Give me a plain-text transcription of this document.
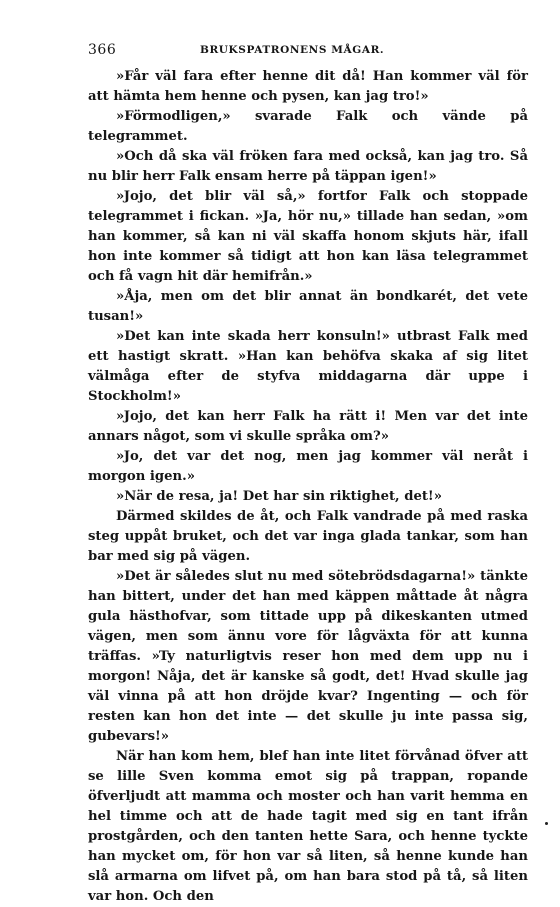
366	BRUKSPATRONENS MÅGAR.

»Får väl fara efter henne dit då! Han kommer väl för att hämta hem henne och pysen, kan jag tro!»

»Förmodligen,» svarade Falk och vände på telegrammet.

»Och då ska väl fröken fara med också, kan jag tro. Så nu blir herr Falk ensam herre på täppan igen!»

»Jojo, det blir väl så,» fortfor Falk och stoppade telegrammet i fickan. »Ja, hör nu,» tillade han sedan, »om han kommer, så kan ni väl skaffa honom skjuts här, ifall hon inte kommer så tidigt att hon kan läsa telegrammet och få vagn hit där hemifrån.»

»Åja, men om det blir annat än bondkarét, det vete tusan!»

»Det kan inte skada herr konsuln!» utbrast Falk med ett hastigt skratt. »Han kan behöfva skaka af sig litet välmåga efter de styfva middagarna där uppe i Stockholm!»

»Jojo, det kan herr Falk ha rätt i! Men var det inte annars något, som vi skulle språka om?»

»Jo, det var det nog, men jag kommer väl neråt i morgon igen.»

»När de resa, ja! Det har sin riktighet, det!»

Därmed skildes de åt, och Falk vandrade på med raska steg uppåt bruket, och det var inga glada tankar, som han bar med sig på vägen.

»Det är således slut nu med sötebrödsdagarna!» tänkte han bittert, under det han med käppen måttade åt några gula hästhofvar, som tittade upp på dikeskanten utmed vägen, men som ännu vore för lågväxta för att kunna träffas. »Ty naturligtvis reser hon med dem upp nu i morgon! Nåja, det är kanske så godt, det! Hvad skulle jag väl vinna på att hon dröjde kvar? Ingenting — och för resten kan hon det inte — det skulle ju inte passa sig, gubevars!»

När han kom hem, blef han inte litet förvånad öfver att se lille Sven komma emot sig på trappan, ropande öfverljudt att mamma och moster och han varit hemma en hel timme och att de hade tagit med sig en tant ifrån prostgården, och den tanten hette Sara, och henne tyckte han mycket om, för hon var så liten, så henne kunde han slå armarna om lifvet på, om han bara stod på tå, så liten var hon. Och den
